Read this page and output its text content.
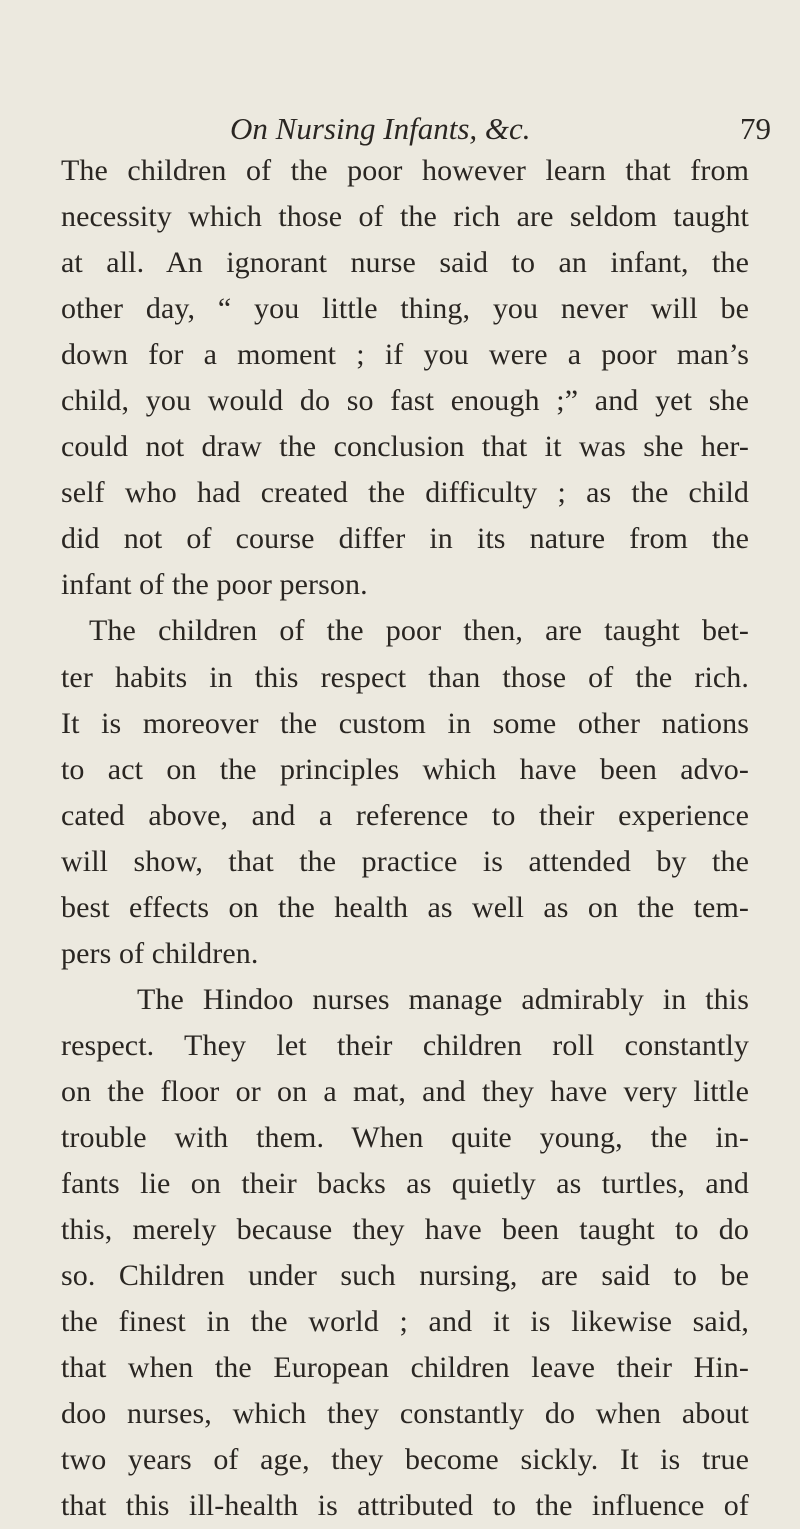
On Nursing Infants, &c.	79
The children of the poor however learn that from
necessity which those of the rich are seldom taught
at all. An ignorant nurse said to an infant, the
other day, “ you little thing, you never will be
down for a moment ; if you were a poor man’s
child, you would do so fast enough ;” and yet she
could not draw the conclusion that it was she her-
self who had created the difficulty ; as the child
did not of course differ in its nature from the
infant of the poor person.
The children of the poor then, are taught bet-
ter habits in this respect than those of the rich.
It is moreover the custom in some other nations
to act on the principles which have been advo-
cated above, and a reference to their experience
will show, that the practice is attended by the
best effects on the health as well as on the tem-
pers of children.
The Hindoo nurses manage admirably in this
respect. They let their children roll constantly
on the floor or on a mat, and they have very little
trouble with them. When quite young, the in-
fants lie on their backs as quietly as turtles, and
this, merely because they have been taught to do
so. Children under such nursing, are said to be
the finest in the world ; and it is likewise said,
that when the European children leave their Hin-
doo nurses, which they constantly do when about
two years of age, they become sickly. It is true
that this ill-health is attributed to the influence of
